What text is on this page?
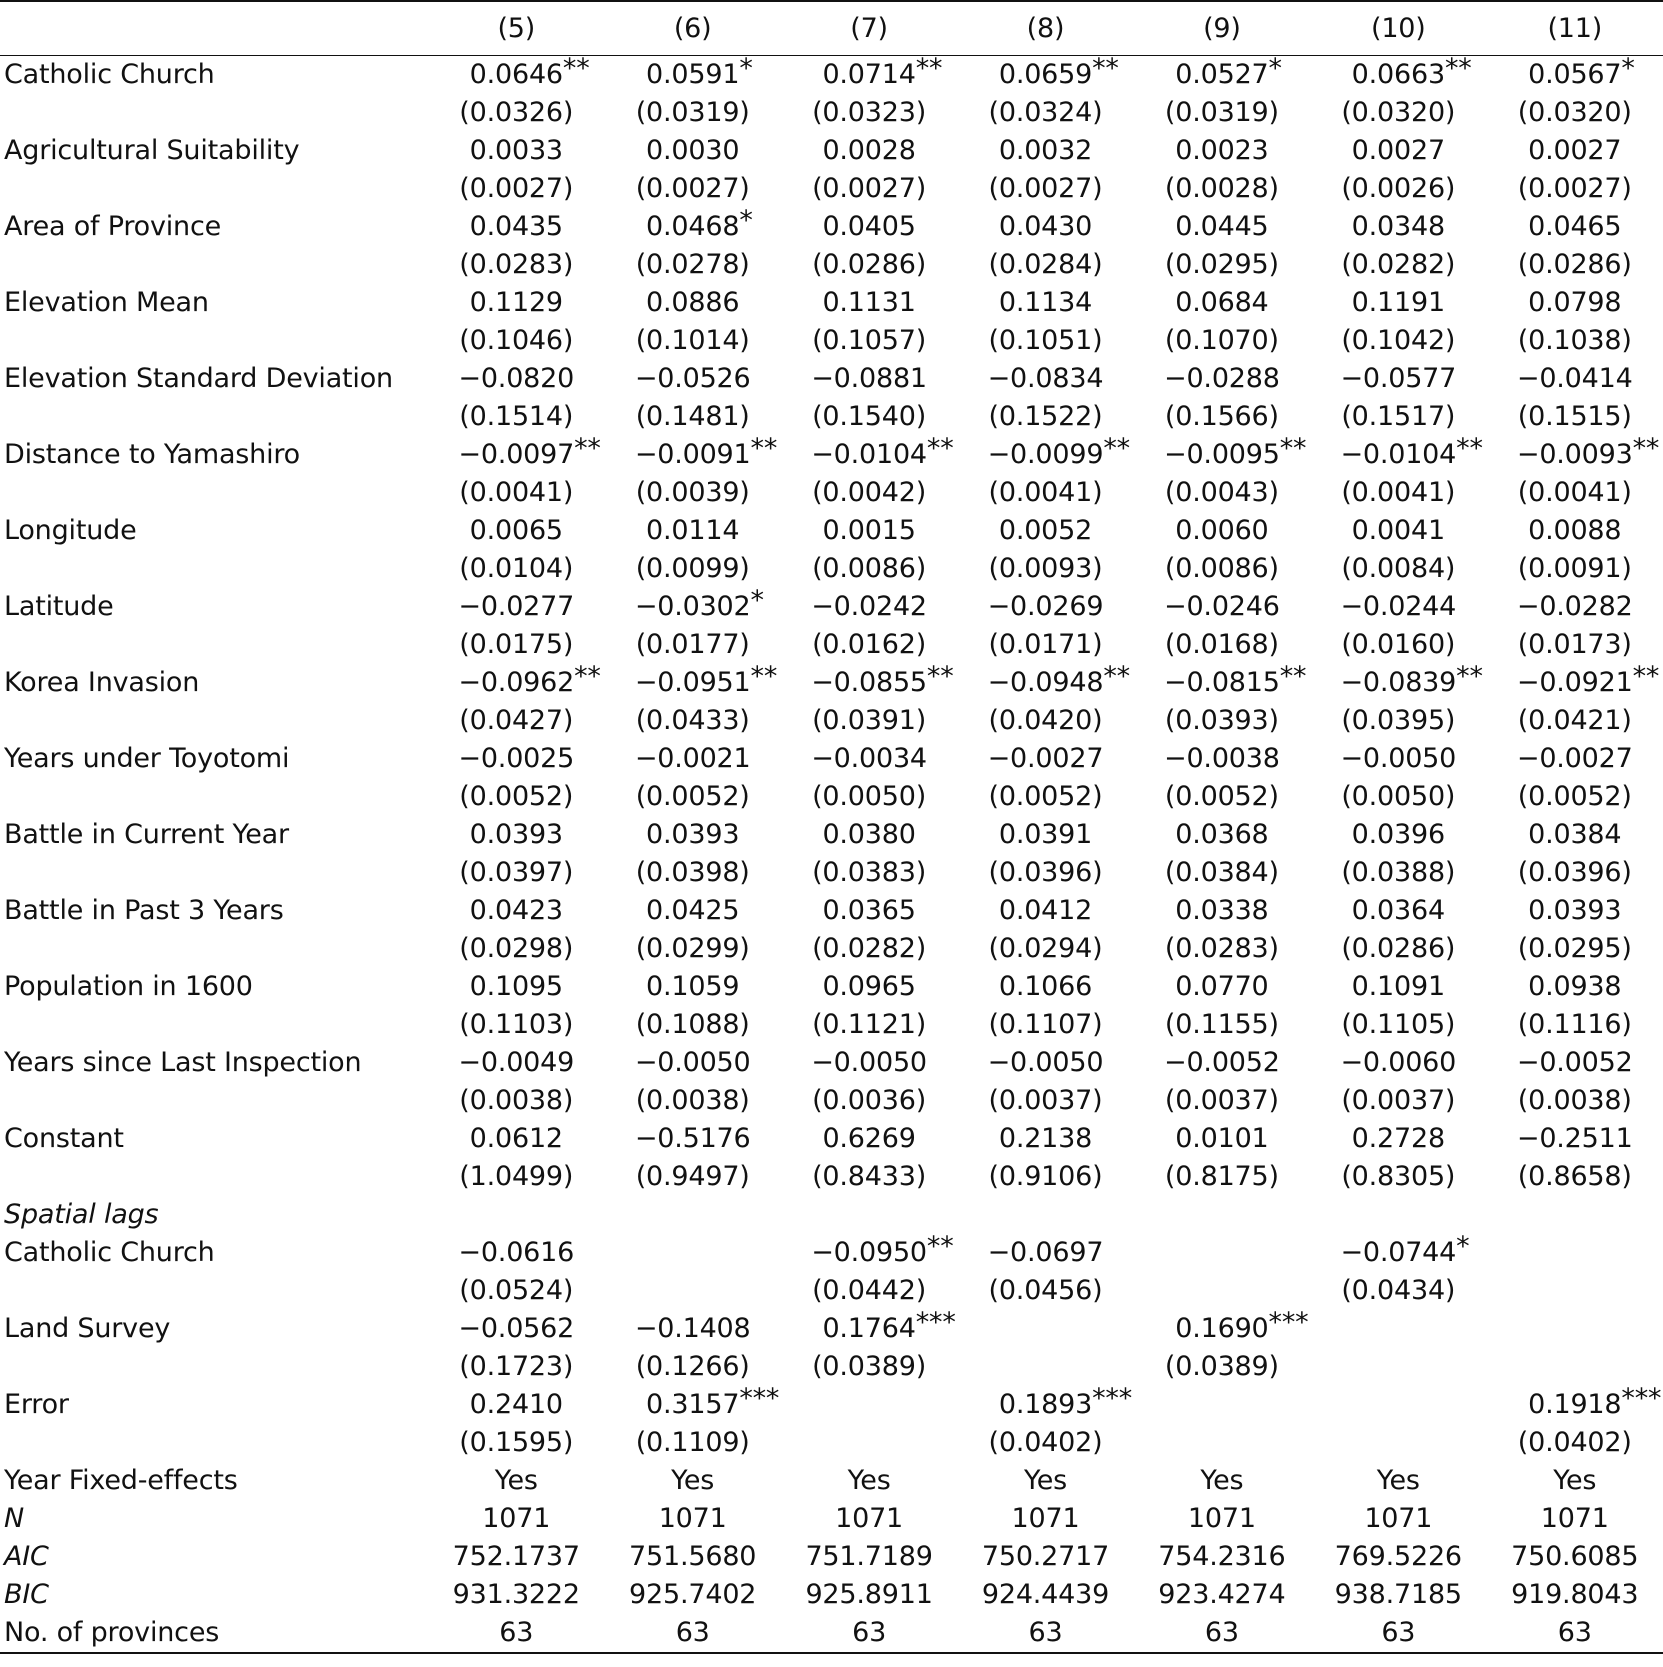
	(5)	(6)	(7)	(8)	(9)	(10)	(11)
Catholic Church	0.0646 **	0.0591 *	0.0714 **	0.0659 **	0.0527 *	0.0663 **	0.0567 *

	(0.0326)	(0.0319)	(0.0323)	(0.0324)	(0.0319)	(0.0320)	(0.0320)
Agricultural Suitability	0.0033	0.0030	0.0028	0.0032	0.0023	0.0027	0.0027

	(0.0027)	(0.0027)	(0.0027)	(0.0027)	(0.0028)	(0.0026)	(0.0027)
Area of Province	0.0435	0.0468 *	0.0405	0.0430	0.0445	0.0348	0.0465

	(0.0283)	(0.0278)	(0.0286)	(0.0284)	(0.0295)	(0.0282)	(0.0286)
Elevation Mean	0.1129	0.0886	0.1131	0.1134	0.0684	0.1191	0.0798

	(0.1046)	(0.1014)	(0.1057)	(0.1051)	(0.1070)	(0.1042)	(0.1038)
Elevation Standard Deviation	−0.0820	−0.0526	−0.0881	−0.0834	−0.0288	−0.0577	−0.0414

	(0.1514)	(0.1481)	(0.1540)	(0.1522)	(0.1566)	(0.1517)	(0.1515)
Distance to Yamashiro	−0.0097 **	−0.0091 **	−0.0104 **	−0.0099 **	−0.0095 **	−0.0104 **	−0.0093 **

	(0.0041)	(0.0039)	(0.0042)	(0.0041)	(0.0043)	(0.0041)	(0.0041)
Longitude	0.0065	0.0114	0.0015	0.0052	0.0060	0.0041	0.0088

	(0.0104)	(0.0099)	(0.0086)	(0.0093)	(0.0086)	(0.0084)	(0.0091)
Latitude	−0.0277	−0.0302 *	−0.0242	−0.0269	−0.0246	−0.0244	−0.0282

	(0.0175)	(0.0177)	(0.0162)	(0.0171)	(0.0168)	(0.0160)	(0.0173)
Korea Invasion	−0.0962 **	−0.0951 **	−0.0855 **	−0.0948 **	−0.0815 **	−0.0839 **	−0.0921 **

	(0.0427)	(0.0433)	(0.0391)	(0.0420)	(0.0393)	(0.0395)	(0.0421)
Years under Toyotomi	−0.0025	−0.0021	−0.0034	−0.0027	−0.0038	−0.0050	−0.0027

	(0.0052)	(0.0052)	(0.0050)	(0.0052)	(0.0052)	(0.0050)	(0.0052)
Battle in Current Year	0.0393	0.0393	0.0380	0.0391	0.0368	0.0396	0.0384

	(0.0397)	(0.0398)	(0.0383)	(0.0396)	(0.0384)	(0.0388)	(0.0396)
Battle in Past 3 Years	0.0423	0.0425	0.0365	0.0412	0.0338	0.0364	0.0393

	(0.0298)	(0.0299)	(0.0282)	(0.0294)	(0.0283)	(0.0286)	(0.0295)
Population in 1600	0.1095	0.1059	0.0965	0.1066	0.0770	0.1091	0.0938

	(0.1103)	(0.1088)	(0.1121)	(0.1107)	(0.1155)	(0.1105)	(0.1116)
Years since Last Inspection	−0.0049	−0.0050	−0.0050	−0.0050	−0.0052	−0.0060	−0.0052

	(0.0038)	(0.0038)	(0.0036)	(0.0037)	(0.0037)	(0.0037)	(0.0038)
Constant	0.0612	−0.5176	0.6269	0.2138	0.0101	0.2728	−0.2511

	(1.0499)	(0.9497)	(0.8433)	(0.9106)	(0.8175)	(0.8305)	(0.8658)
Spatial lags							
Catholic Church	−0.0616		−0.0950 **	−0.0697		−0.0744 *	

	(0.0524)		(0.0442)	(0.0456)		(0.0434)	
Land Survey	−0.0562	−0.1408	0.1764 ***		0.1690 ***		

	(0.1723)	(0.1266)	(0.0389)		(0.0389)		
Error	0.2410	0.3157 ***		0.1893 ***			0.1918 ***

	(0.1595)	(0.1109)		(0.0402)			(0.0402)
Year Fixed-effects	Yes	Yes	Yes	Yes	Yes	Yes	Yes
N	1071	1071	1071	1071	1071	1071	1071
AIC	752.1737	751.5680	751.7189	750.2717	754.2316	769.5226	750.6085
BIC	931.3222	925.7402	925.8911	924.4439	923.4274	938.7185	919.8043
No. of provinces	63	63	63	63	63	63	63
